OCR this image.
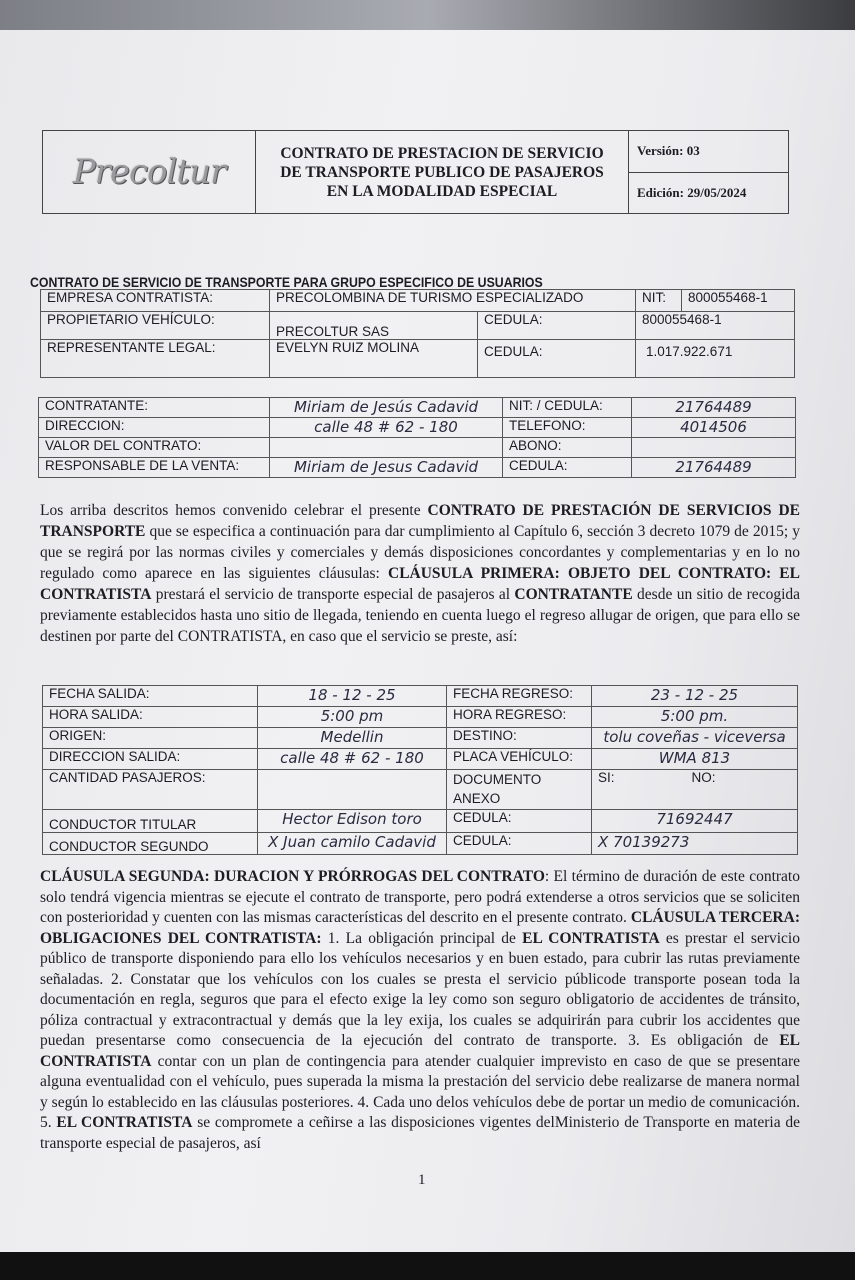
Precoltur	CONTRATO DE PRESTACION DE SERVICIO
DE TRANSPORTE PUBLICO DE PASAJEROS
EN LA MODALIDAD ESPECIAL
Versión: 03
Edición: 29/05/2024
CONTRATO DE SERVICIO DE TRANSPORTE PARA GRUPO ESPECIFICO DE USUARIOS
EMPRESA CONTRATISTA:	PRECOLOMBINA DE TURISMO ESPECIALIZADO		NIT:	800055468-1
PROPIETARIO VEHÍCULO:	PRECOLTUR SAS	CEDULA:	800055468-1	
REPRESENTANTE LEGAL:	EVELYN RUIZ MOLINA	CEDULA:	1.017.922.671	
CONTRATANTE:	Miriam de Jesús Cadavid	NIT: / CEDULA:	21764489
DIRECCION:	calle 48 # 62 - 180	TELEFONO:	4014506
VALOR DEL CONTRATO:		ABONO:	
RESPONSABLE DE LA VENTA:	Miriam de Jesus Cadavid	CEDULA:	21764489
Los arriba descritos hemos convenido celebrar el presente CONTRATO DE PRESTACIÓN DE SERVICIOS DE TRANSPORTE que se especifica a continuación para dar cumplimiento al Capítulo 6, sección 3 decreto 1079 de 2015; y que se regirá por las normas civiles y comerciales y demás disposiciones concordantes y complementarias y en lo no regulado como aparece en las siguientes cláusulas: CLÁUSULA PRIMERA: OBJETO DEL CONTRATO: EL CONTRATISTA prestará el servicio de transporte especial de pasajeros al CONTRATANTE desde un sitio de recogida previamente establecidos hasta uno sitio de llegada, teniendo en cuenta luego el regreso allugar de origen, que para ello se destinen por parte del CONTRATISTA, en caso que el servicio se preste, así:
FECHA SALIDA:	18 - 12 - 25	FECHA REGRESO:	23 - 12 - 25	
HORA SALIDA:	5:00 pm	HORA REGRESO:	5:00 pm.	
ORIGEN:	Medellin	DESTINO:	tolu coveñas - viceversa	
DIRECCION SALIDA:	calle 48 # 62 - 180	PLACA VEHÍCULO:	WMA 813	
CANTIDAD PASAJEROS:		DOCUMENTO ANEXO	SI:	NO:
CONDUCTOR TITULAR	Hector Edison toro	CEDULA:	71692447	
CONDUCTOR SEGUNDO	X Juan camilo Cadavid	CEDULA:	X 70139273	
CLÁUSULA SEGUNDA: DURACION Y PRÓRROGAS DEL CONTRATO: El término de duración de este contrato solo tendrá vigencia mientras se ejecute el contrato de transporte, pero podrá extenderse a otros servicios que se soliciten con posterioridad y cuenten con las mismas características del descrito en el presente contrato. CLÁUSULA TERCERA: OBLIGACIONES DEL CONTRATISTA: 1. La obligación principal de EL CONTRATISTA es prestar el servicio público de transporte disponiendo para ello los vehículos necesarios y en buen estado, para cubrir las rutas previamente señaladas. 2. Constatar que los vehículos con los cuales se presta el servicio públicode transporte posean toda la documentación en regla, seguros que para el efecto exige la ley como son seguro obligatorio de accidentes de tránsito, póliza contractual y extracontractual y demás que la ley exija, los cuales se adquirirán para cubrir los accidentes que puedan presentarse como consecuencia de la ejecución del contrato de transporte. 3. Es obligación de EL CONTRATISTA contar con un plan de contingencia para atender cualquier imprevisto en caso de que se presentare alguna eventualidad con el vehículo, pues superada la misma la prestación del servicio debe realizarse de manera normal y según lo establecido en las cláusulas posteriores. 4. Cada uno delos vehículos debe de portar un medio de comunicación. 5. EL CONTRATISTA se compromete a ceñirse a las disposiciones vigentes delMinisterio de Transporte en materia de transporte especial de pasajeros, así
1
